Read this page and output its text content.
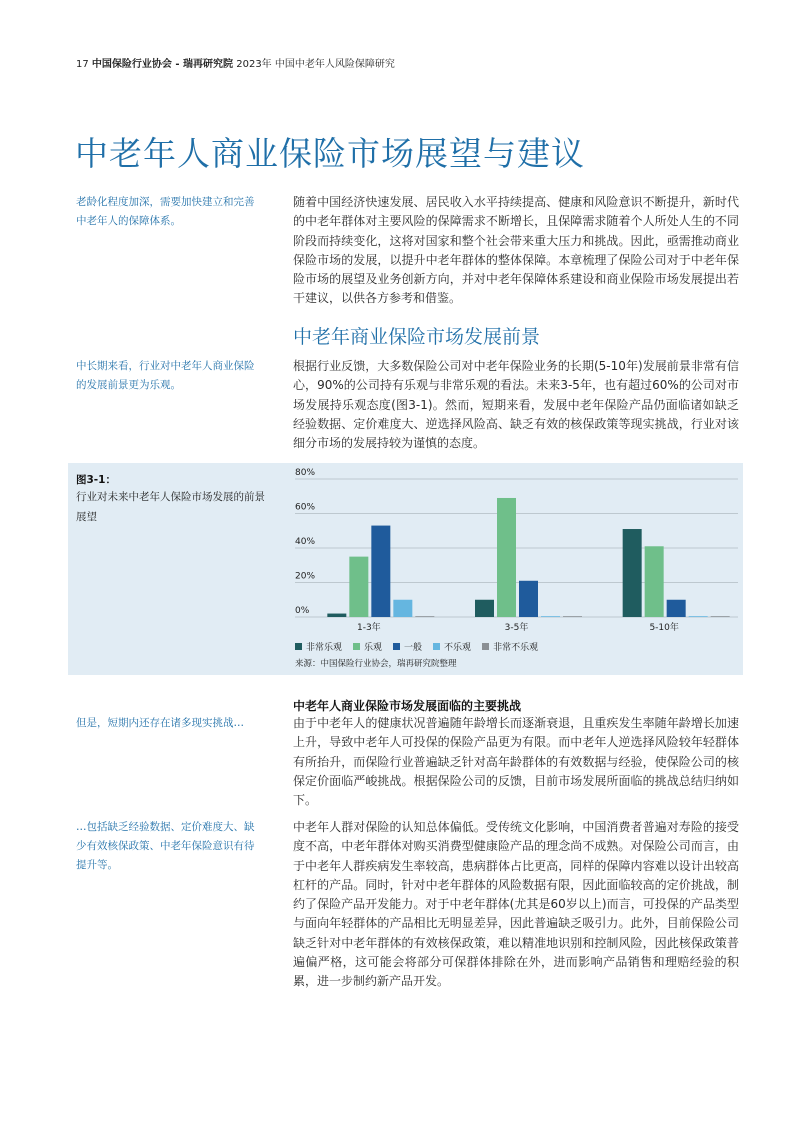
17 中国保险行业协会 - 瑞再研究院 2023年 中国中老年人风险保障研究
中老年人商业保险市场展望与建议
老龄化程度加深，需要加快建立和完善中老年人的保障体系。

随着中国经济快速发展、居民收入水平持续提高、健康和风险意识不断提升，新时代的中老年群体对主要风险的保障需求不断增长，且保障需求随着个人所处人生的不同阶段而持续变化，这将对国家和整个社会带来重大压力和挑战。因此，亟需推动商业保险市场的发展，以提升中老年群体的整体保障。本章梳理了保险公司对于中老年保险市场的展望及业务创新方向，并对中老年保障体系建设和商业保险市场发展提出若干建议，以供各方参考和借鉴。

中老年商业保险市场发展前景
中长期来看，行业对中老年人商业保险的发展前景更为乐观。

根据行业反馈，大多数保险公司对中老年保险业务的长期(5-10年)发展前景非常有信心，90%的公司持有乐观与非常乐观的看法。未来3-5年，也有超过60%的公司对市场发展持乐观态度(图3-1)。然而，短期来看，发展中老年保险产品仍面临诸如缺乏经验数据、定价难度大、逆选择风险高、缺乏有效的核保政策等现实挑战，行业对该细分市场的发展持较为谨慎的态度。

图3-1：
行业对未来中老年人保险市场发展的前景展望
80%
60%
40%
20%
0%
1-3年	3-5年	5-10年
非常乐观 乐观 一般 不乐观 非常不乐观
来源：中国保险行业协会，瑞再研究院整理
中老年人商业保险市场发展面临的主要挑战
但是，短期内还存在诸多现实挑战…	由于中老年人的健康状况普遍随年龄增长而逐渐衰退，且重疾发生率随年龄增长加速上升，导致中老年人可投保的保险产品更为有限。而中老年人逆选择风险较年轻群体有所抬升，而保险行业普遍缺乏针对高年龄群体的有效数据与经验，使保险公司的核保定价面临严峻挑战。根据保险公司的反馈，目前市场发展所面临的挑战总结归纳如下。

…包括缺乏经验数据、定价难度大、缺少有效核保政策、中老年保险意识有待提升等。

中老年人群对保险的认知总体偏低。受传统文化影响，中国消费者普遍对寿险的接受度不高，中老年群体对购买消费型健康险产品的理念尚不成熟。对保险公司而言，由于中老年人群疾病发生率较高，患病群体占比更高，同样的保障内容难以设计出较高杠杆的产品。同时，针对中老年群体的风险数据有限，因此面临较高的定价挑战，制约了保险产品开发能力。对于中老年群体(尤其是60岁以上)而言，可投保的产品类型与面向年轻群体的产品相比无明显差异，因此普遍缺乏吸引力。此外，目前保险公司缺乏针对中老年群体的有效核保政策，难以精准地识别和控制风险，因此核保政策普遍偏严格，这可能会将部分可保群体排除在外，进而影响产品销售和理赔经验的积累，进一步制约新产品开发。
